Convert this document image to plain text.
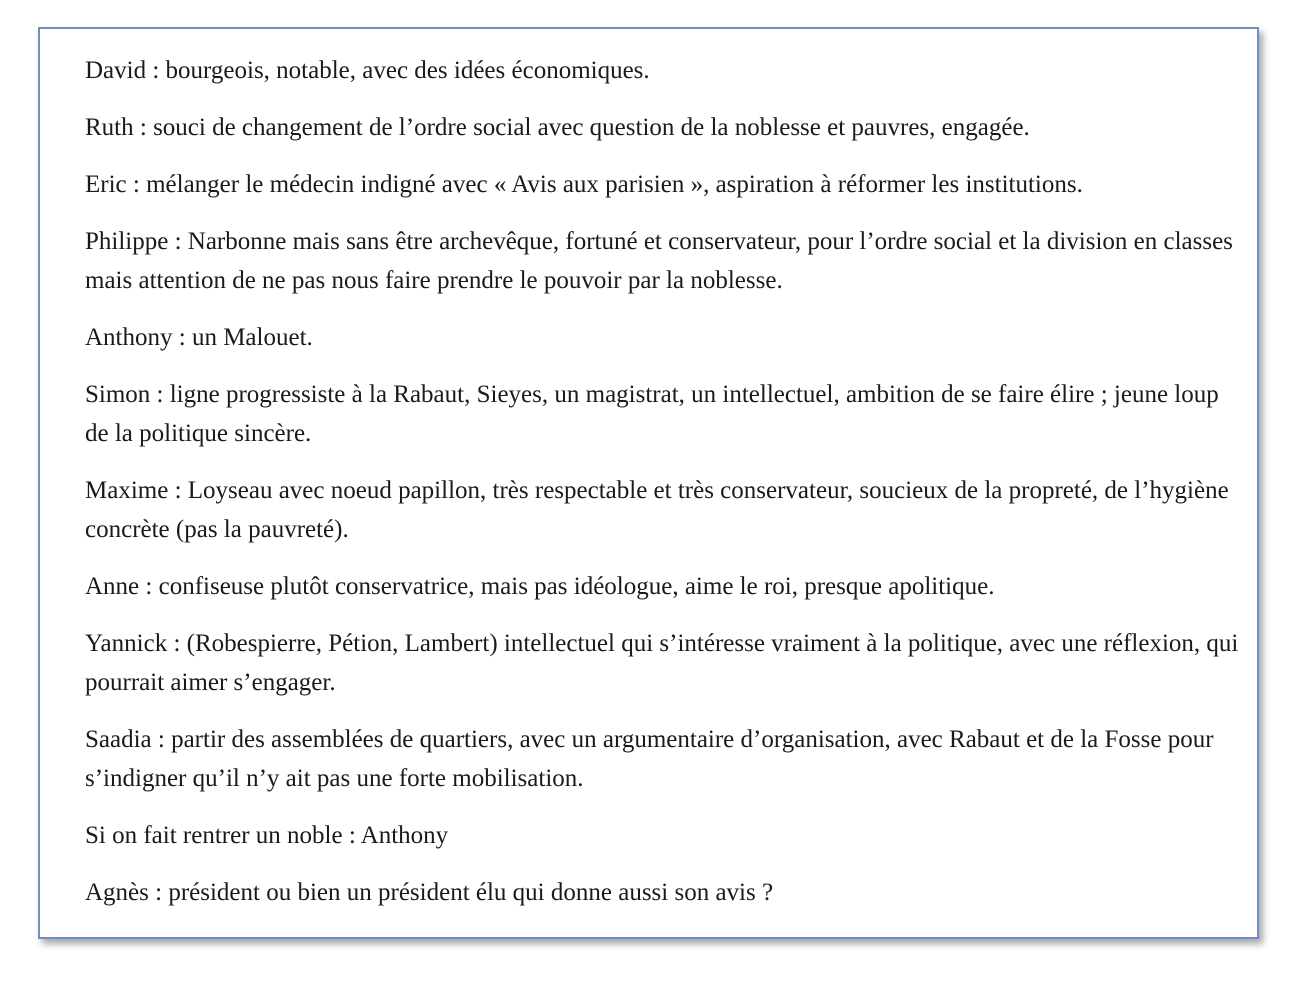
David : bourgeois, notable, avec des idées économiques.

Ruth : souci de changement de l’ordre social avec question de la noblesse et pauvres, engagée.

Eric : mélanger le médecin indigné avec « Avis aux parisien », aspiration à réformer les institutions.

Philippe : Narbonne mais sans être archevêque, fortuné et conservateur, pour l’ordre social et la division en classes mais attention de ne pas nous faire prendre le pouvoir par la noblesse.

Anthony : un Malouet.

Simon : ligne progressiste à la Rabaut, Sieyes, un magistrat, un intellectuel, ambition de se faire élire ; jeune loup de la politique sincère.

Maxime : Loyseau avec noeud papillon, très respectable et très conservateur, soucieux de la propreté, de l’hygiène concrète (pas la pauvreté).

Anne : confiseuse plutôt conservatrice, mais pas idéologue, aime le roi, presque apolitique.

Yannick : (Robespierre, Pétion, Lambert) intellectuel qui s’intéresse vraiment à la politique, avec une réflexion, qui pourrait aimer s’engager.

Saadia : partir des assemblées de quartiers, avec un argumentaire d’organisation, avec Rabaut et de la Fosse pour s’indigner qu’il n’y ait pas une forte mobilisation.

Si on fait rentrer un noble : Anthony

Agnès : président ou bien un président élu qui donne aussi son avis ?
